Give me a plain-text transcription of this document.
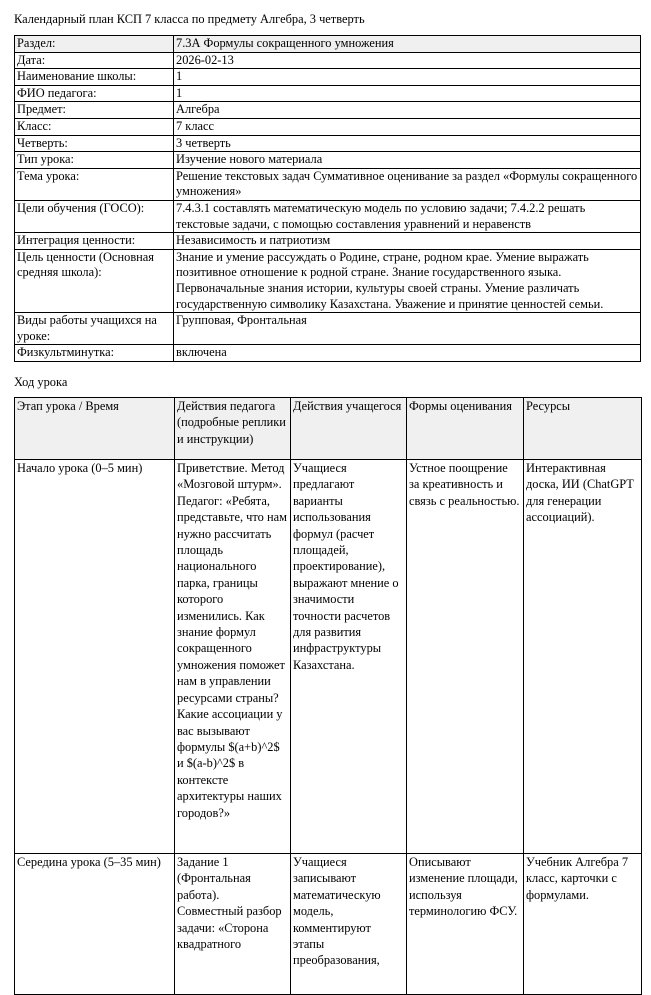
Календарный план КСП 7 класса по предмету Алгебра, 3 четверть
Раздел:	7.3А Формулы сокращенного умножения
Дата:	2026-02-13
Наименование школы:	1
ФИО педагога:	1
Предмет:	Алгебра
Класс:	7 класс
Четверть:	3 четверть
Тип урока:	Изучение нового материала
Тема урока:	Решение текстовых задач Суммативное оценивание за раздел «Формулы сокращенного умножения»
Цели обучения (ГОСО):	7.4.3.1 составлять математическую модель по условию задачи; 7.4.2.2 решать текстовые задачи, с помощью составления уравнений и неравенств
Интеграция ценности:	Независимость и патриотизм
Цель ценности (Основная средняя школа):	Знание и умение рассуждать о Родине, стране, родном крае. Умение выражать позитивное отношение к родной стране. Знание государственного языка. Первоначальные знания истории, культуры своей страны. Умение различать государственную символику Казахстана. Уважение и принятие ценностей семьи.
Виды работы учащихся на уроке:	Групповая, Фронтальная
Физкультминутка:	включена
Ход урока
Этап урока / Время	Действия педагога (подробные реплики и инструкции)	Действия учащегося	Формы оценивания	Ресурсы
Начало урока (0–5 мин)	Приветствие. Метод «Мозговой штурм». Педагог: «Ребята, представьте, что нам нужно рассчитать площадь национального парка, границы которого изменились. Как знание формул сокращенного умножения поможет нам в управлении ресурсами страны? Какие ассоциации у вас вызывают формулы $(a+b)^2$ и $(a-b)^2$ в контексте архитектуры наших городов?»	Учащиеся предлагают варианты использования формул (расчет площадей, проектирование), выражают мнение о значимости точности расчетов для развития инфраструктуры Казахстана.	Устное поощрение за креативность и связь с реальностью.	Интерактивная доска, ИИ (ChatGPT для генерации ассоциаций).
Середина урока (5–35 мин)	Задание 1 (Фронтальная работа). Совместный разбор задачи: «Сторона квадратного	Учащиеся записывают математическую модель, комментируют этапы преобразования,	Описывают изменение площади, используя терминологию ФСУ.	Учебник Алгебра 7 класс, карточки с формулами.
